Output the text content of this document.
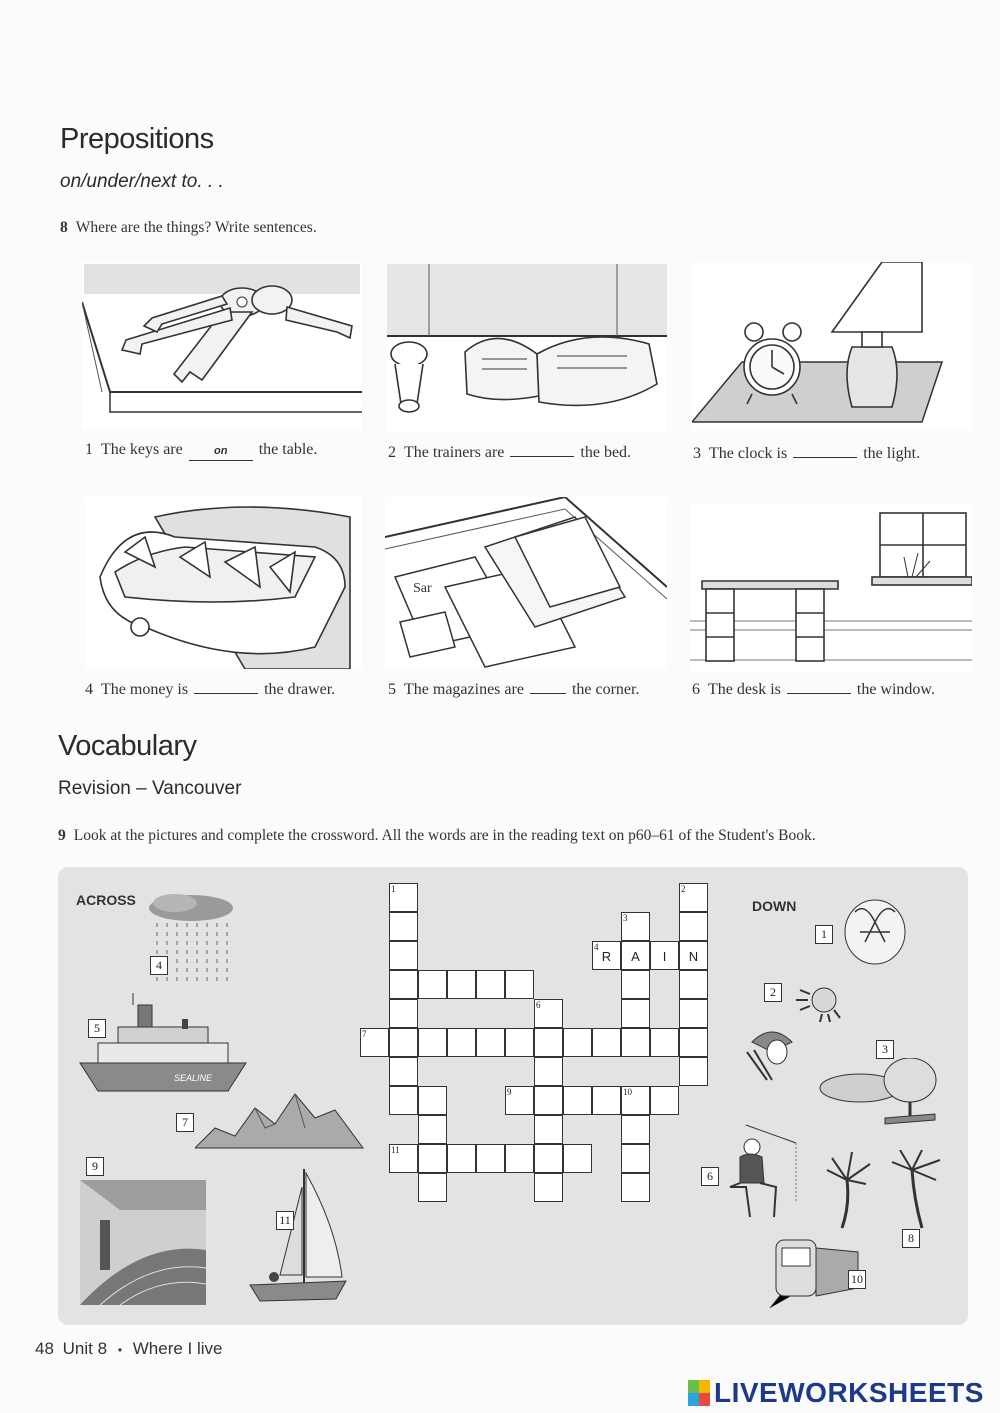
Prepositions
on/under/next to. . .
8 Where are the things? Write sentences.
Sar
1 The keys are	on the table.	2 The trainers are	the bed.	3 The clock is	the light.
4 The money is	the drawer.	5 The magazines are	the corner.	6 The desk is	the window.
Vocabulary
Revision – Vancouver
9 Look at the pictures and complete the crossword. All the words are in the reading text on p60–61 of the Student's Book.
ACROSS	DOWN
4
SEALINE
5
7
9
11
1
2
3
6
8
10
1
7
6
9	10
11
3
4
R	A	I	N
2
48 Unit 8 • Where I live
LIVEWORKSHEETS
